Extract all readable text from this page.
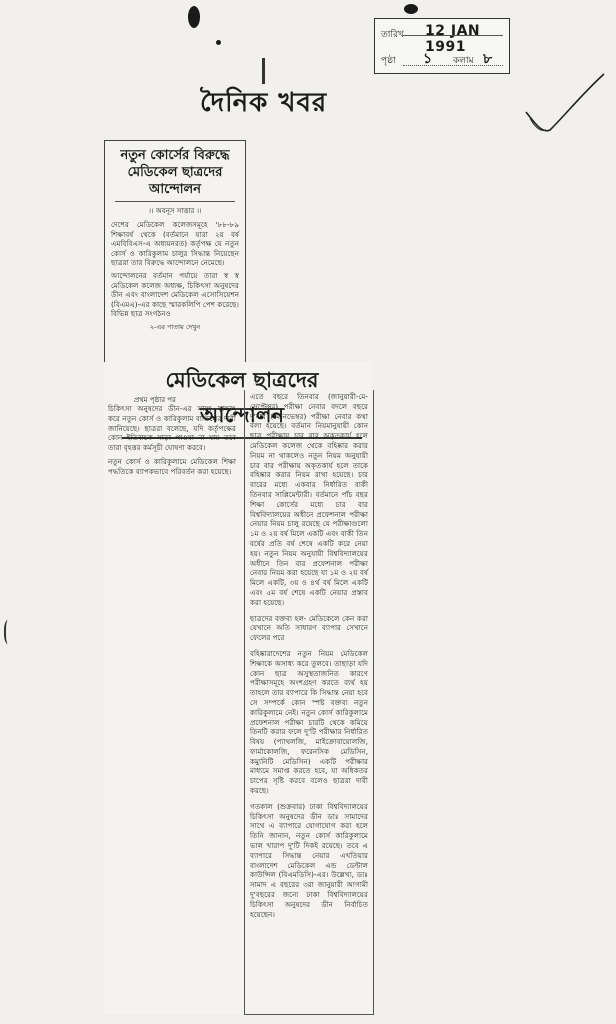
তারিখ 12 JAN 1991
পৃষ্ঠা ১ কলাম ৮
দৈনিক খবর
নতুন কোর্সের বিরুদ্ধে মেডিকেল ছাত্রদের আন্দোলন
।। অবনূস সাত্তার ।।

দেশের মেডিকেল কলেজসমূহে '৮৮-৮৯ শিক্ষাবর্ষ থেকে (বর্তমানে যারা ২য় বর্ষ এমবিবিএস-এ অধ্যয়নরত) কর্তৃপক্ষ যে নতুন কোর্স ও কারিকুলাম চালুর সিদ্ধান্ত নিয়েছেন ছাত্ররা তার বিরুদ্ধে আন্দোলনে নেমেছে।

আন্দোলনের বর্তমান পর্যায়ে তারা স্ব স্ব মেডিকেল কলেজ অধ্যক্ষ, চিকিৎসা অনুষদের ডীন এবং বাংলাদেশ মেডিকেল এসোসিয়েশন (বিএমএ)-এর কাছে স্মারকলিপি পেশ করেছে। বিভিন্ন ছাত্র সংগঠনও

২-এর পাতায় দেখুন
মেডিকেল ছাত্রদের আন্দোলন
প্রথম পৃষ্ঠার পর

চিকিৎসা অনুষদের ডীন-এর সাথে সাক্ষাৎ করে নতুন কোর্স ও কারিকুলাম বাতিলের দাবী জানিয়েছে। ছাত্ররা বলেছে, যদি কর্তৃপক্ষের কোন ইতিবাচক সাড়া পাওয়া না যায় তবে তারা বৃহত্তর কর্মসূচী ঘোষণা করবে।

নতুন কোর্স ও কারিকুলামে মেডিকেল শিক্ষা পদ্ধতিকে ব্যাপকভাবে পরিবর্তন করা হয়েছে।

এতে বছরে তিনবার (জানুয়ারী-মে-সেপ্টেম্বর) পরীক্ষা নেবার বদলে বছরে দু'বার (মে-নভেম্বর) পরীক্ষা নেবার কথা বলা হয়েছে। বর্তমান নিয়মানুযায়ী কোন ছাত্র পরীক্ষায় চার বার অকৃতকার্য হলে মেডিকেল কলেজ থেকে বহিষ্কার করার নিয়ম না থাকলেও নতুন নিয়ম অনুযায়ী চার বার পরীক্ষায় অকৃতকার্য হলে তাকে বহিষ্কার করার নিয়ম রাখা হয়েছে। চার বারের মধ্যে একবার নির্ধারিত বাকী তিনবার সাপ্লিমেন্টারী। বর্তমানে পাঁচ বছর শিক্ষা কোর্সের মধ্যে চার বার বিশ্ববিদ্যালয়ের অধীনে প্রফেশনাল পরীক্ষা নেয়ার নিয়ম চালু রয়েছে যে পরীক্ষাগুলো ১ম ও ২য় বর্ষ মিলে একটি এবং বাকী তিন বর্ষের প্রতি বর্ষ শেষে একটি করে নেয়া হয়। নতুন নিয়ম অনুযায়ী বিশ্ববিদ্যালয়ের অধীনে তিন বার প্রফেশনাল পরীক্ষা নেবার নিয়ম করা হয়েছে যা ১ম ও ২য় বর্ষ মিলে একটি, ৩য় ও ৪র্থ বর্ষ মিলে একটি এবং ৫ম বর্ষ শেষে একটি নেয়ার প্রস্তাব করা হয়েছে।

ছাত্রদের বক্তব্য হল- মেডিকেলে কেন করা যেখানে অতি সাধারণ ব্যাপার সেখানে ফেলের পরে

বহিষ্কারাদেশের নতুন নিয়ম মেডিকেল শিক্ষাকে অসাধ্য করে তুলবে। তাছাড়া যদি কোন ছাত্র অসুস্থতাজনিত কারণে পরীক্ষাসমূহে অংশগ্রহণ করতে ব্যর্থ হয় তাহলে তার ব্যাপারে কি সিদ্ধান্ত নেয়া হবে সে সম্পর্কে কোন স্পষ্ট বক্তব্য নতুন কারিকুলামে নেই। নতুন কোর্স কারিকুলামে প্রফেশনাল পরীক্ষা চারটি থেকে কমিয়ে তিনটি করার ফলে দু'টি পরীক্ষার নির্ধারিত বিষয় (প্যাথলজি, মাইক্রোবায়োলজি, ফার্মাকোলজি, ফরেনসিক মেডিসিন, কম্যুনিটি মেডিসিন) একটি পরীক্ষার মাধ্যমে সমাপ্ত করতে হবে, যা অধিকতর চাপের সৃষ্টি করবে বলেও ছাত্ররা দাবী করছে।

গতকাল (শুক্রবার) ঢাকা বিশ্ববিদ্যালয়ের চিকিৎসা অনুষদের ডীন ডাঃ সামাদের সাথে এ ব্যাপারে যোগাযোগ করা হলে তিনি জানান, নতুন কোর্স কারিকুলামে ভাল খারাপ দু'টি দিকই রয়েছে। তবে এ ব্যাপারে সিদ্ধান্ত নেয়ার এখতিয়ার বাংলাদেশ মেডিকেল এন্ড ডেন্টাল কাউন্সিল (বিএমডিসি)-এর। উল্লেখ্য, ডাঃ সামাদ এ বছরের ৩রা জানুয়ারী আগামী দু'বছরের জন্যে ঢাকা বিশ্ববিদ্যালয়ের চিকিৎসা অনুষদের ডীন নির্বাচিত হয়েছেন।
